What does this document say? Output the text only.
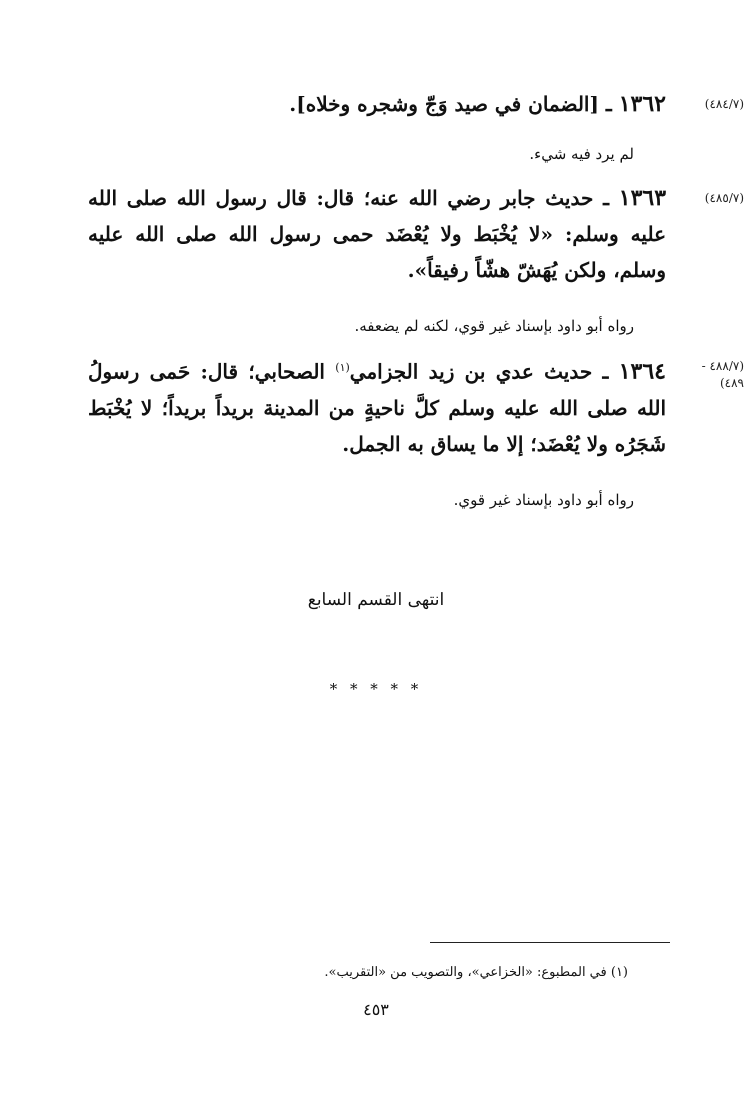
(٤٨٤/٧)
١٣٦٢ ـ [الضمان في صيد وَجّ وشجره وخلاه].
لم يرد فيه شيء.
(٤٨٥/٧)
١٣٦٣ ـ حديث جابر رضي الله عنه؛ قال: قال رسول الله صلى الله عليه وسلم: «لا يُخْبَط ولا يُعْضَد حمى رسول الله صلى الله عليه وسلم، ولكن يُهَشّ هشّاً رفيقاً».
رواه أبو داود بإسناد غير قوي، لكنه لم يضعفه.
(٤٨٨/٧ -
٤٨٩)
١٣٦٤ ـ حديث عدي بن زيد الجزامي$^{(١)}$ الصحابي؛ قال: حَمى رسولُ الله صلى الله عليه وسلم كلَّ ناحيةٍ من المدينة بريداً بريداً؛ لا يُخْبَط شَجَرُه ولا يُعْضَد؛ إلا ما يساق به الجمل.
رواه أبو داود بإسناد غير قوي.
انتهى القسم السابع
* * * * *
(١) في المطبوع: «الخزاعي»، والتصويب من «التقريب».
٤٥٣
